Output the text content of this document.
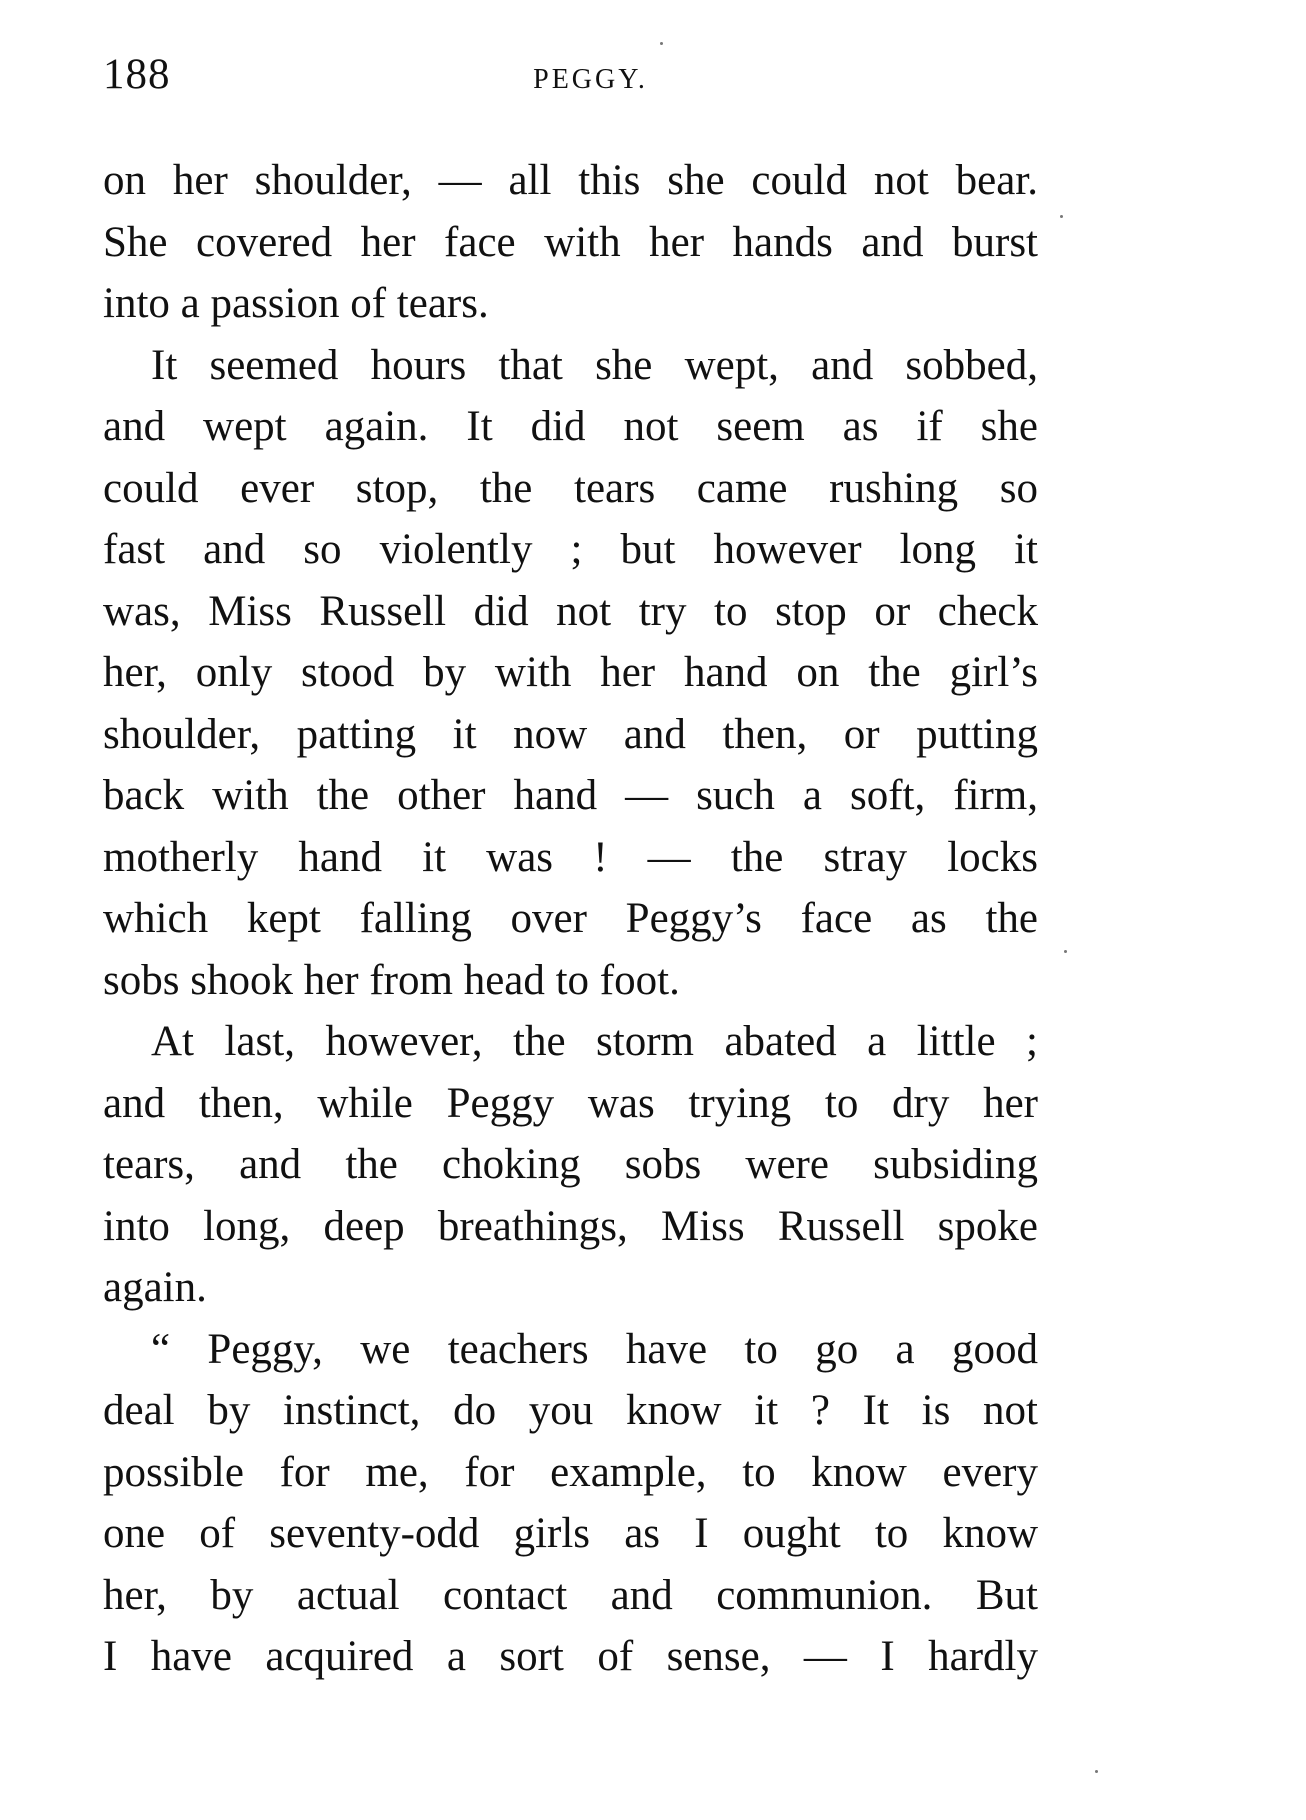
188	PEGGY.
on her shoulder, — all this she could not bear.
She covered her face with her hands and burst
into a passion of tears.
It seemed hours that she wept, and sobbed,
and wept again. It did not seem as if she
could ever stop, the tears came rushing so
fast and so violently ; but however long it
was, Miss Russell did not try to stop or check
her, only stood by with her hand on the girl’s
shoulder, patting it now and then, or putting
back with the other hand — such a soft, firm,
motherly hand it was ! — the stray locks
which kept falling over Peggy’s face as the
sobs shook her from head to foot.
At last, however, the storm abated a little ;
and then, while Peggy was trying to dry her
tears, and the choking sobs were subsiding
into long, deep breathings, Miss Russell spoke
again.
“ Peggy, we teachers have to go a good
deal by instinct, do you know it ? It is not
possible for me, for example, to know every
one of seventy-odd girls as I ought to know
her, by actual contact and communion. But
I have acquired a sort of sense, — I hardly
